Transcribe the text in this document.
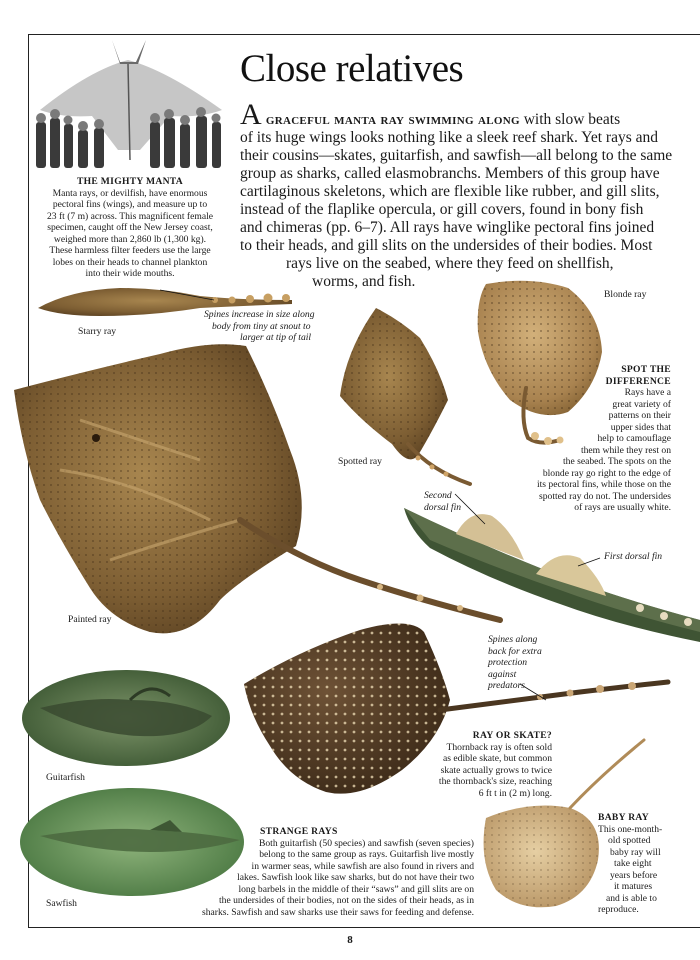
Close relatives
A graceful manta ray swimming along with slow beats
of its huge wings looks nothing like a sleek reef shark. Yet rays and
their cousins—skates, guitarfish, and sawfish—all belong to the same
group as sharks, called elasmobranchs. Members of this group have
cartilaginous skeletons, which are flexible like rubber, and gill slits,
instead of the flaplike opercula, or gill covers, found in bony fish
and chimeras (pp. 6–7). All rays have winglike pectoral fins joined
to their heads, and gill slits on the undersides of their bodies. Most
rays live on the seabed, where they feed on shellfish,
worms, and fish.
THE MIGHTY MANTA
Manta rays, or devilfish, have enormous
pectoral fins (wings), and measure up to
23 ft (7 m) across. This magnificent female
specimen, caught off the New Jersey coast,
weighed more than 2,860 lb (1,300 kg).
These harmless filter feeders use the large
lobes on their heads to channel plankton
into their wide mouths.
Starry ray
Spines increase in size along
body from tiny at snout to
larger at tip of tail
Blonde ray
Spotted ray
SPOT THE
DIFFERENCE
Rays have a
great variety of
patterns on their
upper sides that
help to camouflage
them while they rest on
the seabed. The spots on the
blonde ray go right to the edge of
its pectoral fins, while those on the
spotted ray do not. The undersides
of rays are usually white.
Second
dorsal fin
First dorsal fin
Painted ray
Spines along
back for extra
protection
against
predators
RAY OR SKATE?
Thornback ray is often sold
as edible skate, but common
skate actually grows to twice
the thornback's size, reaching
6 ft t in (2 m) long.
Guitarfish
Sawfish
STRANGE RAYS
Both guitarfish (50 species) and sawfish (seven species)
belong to the same group as rays. Guitarfish live mostly
in warmer seas, while sawfish are also found in rivers and
lakes. Sawfish look like saw sharks, but do not have their two
long barbels in the middle of their “saws” and gill slits are on
the undersides of their bodies, not on the sides of their heads, as in
sharks. Sawfish and saw sharks use their saws for feeding and defense.
BABY RAY
This one-month-
old spotted
baby ray will
take eight
years before
it matures
and is able to
reproduce.
8
